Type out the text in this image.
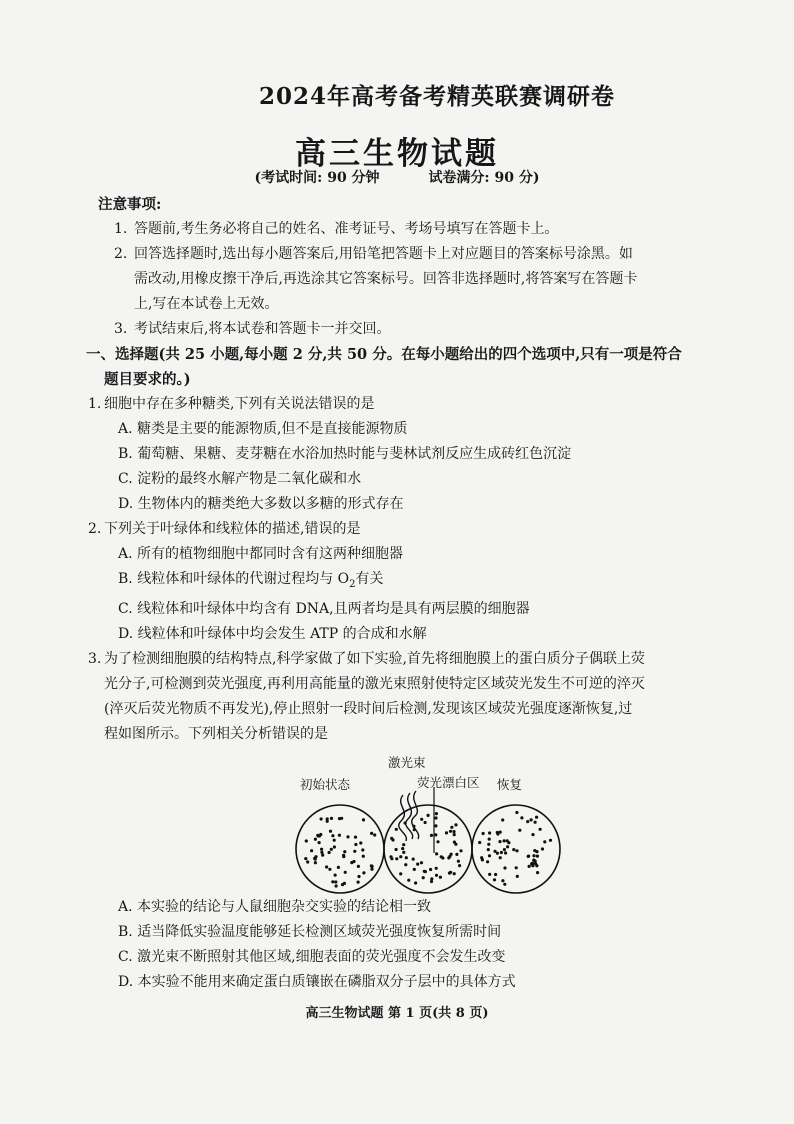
2024年高考备考精英联赛调研卷
高三生物试题
(考试时间: 90 分钟	试卷满分: 90 分)
注意事项:
1. 答题前,考生务必将自己的姓名、准考证号、考场号填写在答题卡上。
2. 回答选择题时,选出每小题答案后,用铅笔把答题卡上对应题目的答案标号涂黑。如
需改动,用橡皮擦干净后,再选涂其它答案标号。回答非选择题时,将答案写在答题卡
上,写在本试卷上无效。
3. 考试结束后,将本试卷和答题卡一并交回。
一、选择题(共 25 小题,每小题 2 分,共 50 分。在每小题给出的四个选项中,只有一项是符合
题目要求的。)
1. 细胞中存在多种糖类,下列有关说法错误的是
A. 糖类是主要的能源物质,但不是直接能源物质
B. 葡萄糖、果糖、麦芽糖在水浴加热时能与斐林试剂反应生成砖红色沉淀
C. 淀粉的最终水解产物是二氧化碳和水
D. 生物体内的糖类绝大多数以多糖的形式存在
2. 下列关于叶绿体和线粒体的描述,错误的是
A. 所有的植物细胞中都同时含有这两种细胞器
B. 线粒体和叶绿体的代谢过程均与 $O_2$有关
C. 线粒体和叶绿体中均含有 DNA,且两者均是具有两层膜的细胞器
D. 线粒体和叶绿体中均会发生 ATP 的合成和水解
3. 为了检测细胞膜的结构特点,科学家做了如下实验,首先将细胞膜上的蛋白质分子偶联上荧
光分子,可检测到荧光强度,再利用高能量的激光束照射使特定区域荧光发生不可逆的淬灭
(淬灭后荧光物质不再发光),停止照射一段时间后检测,发现该区域荧光强度逐渐恢复,过
程如图所示。下列相关分析错误的是
初始状态
激光束
荧光漂白区 恢复
A. 本实验的结论与人鼠细胞杂交实验的结论相一致
B. 适当降低实验温度能够延长检测区域荧光强度恢复所需时间
C. 激光束不断照射其他区域,细胞表面的荧光强度不会发生改变
D. 本实验不能用来确定蛋白质镶嵌在磷脂双分子层中的具体方式
高三生物试题 第 1 页(共 8 页)
